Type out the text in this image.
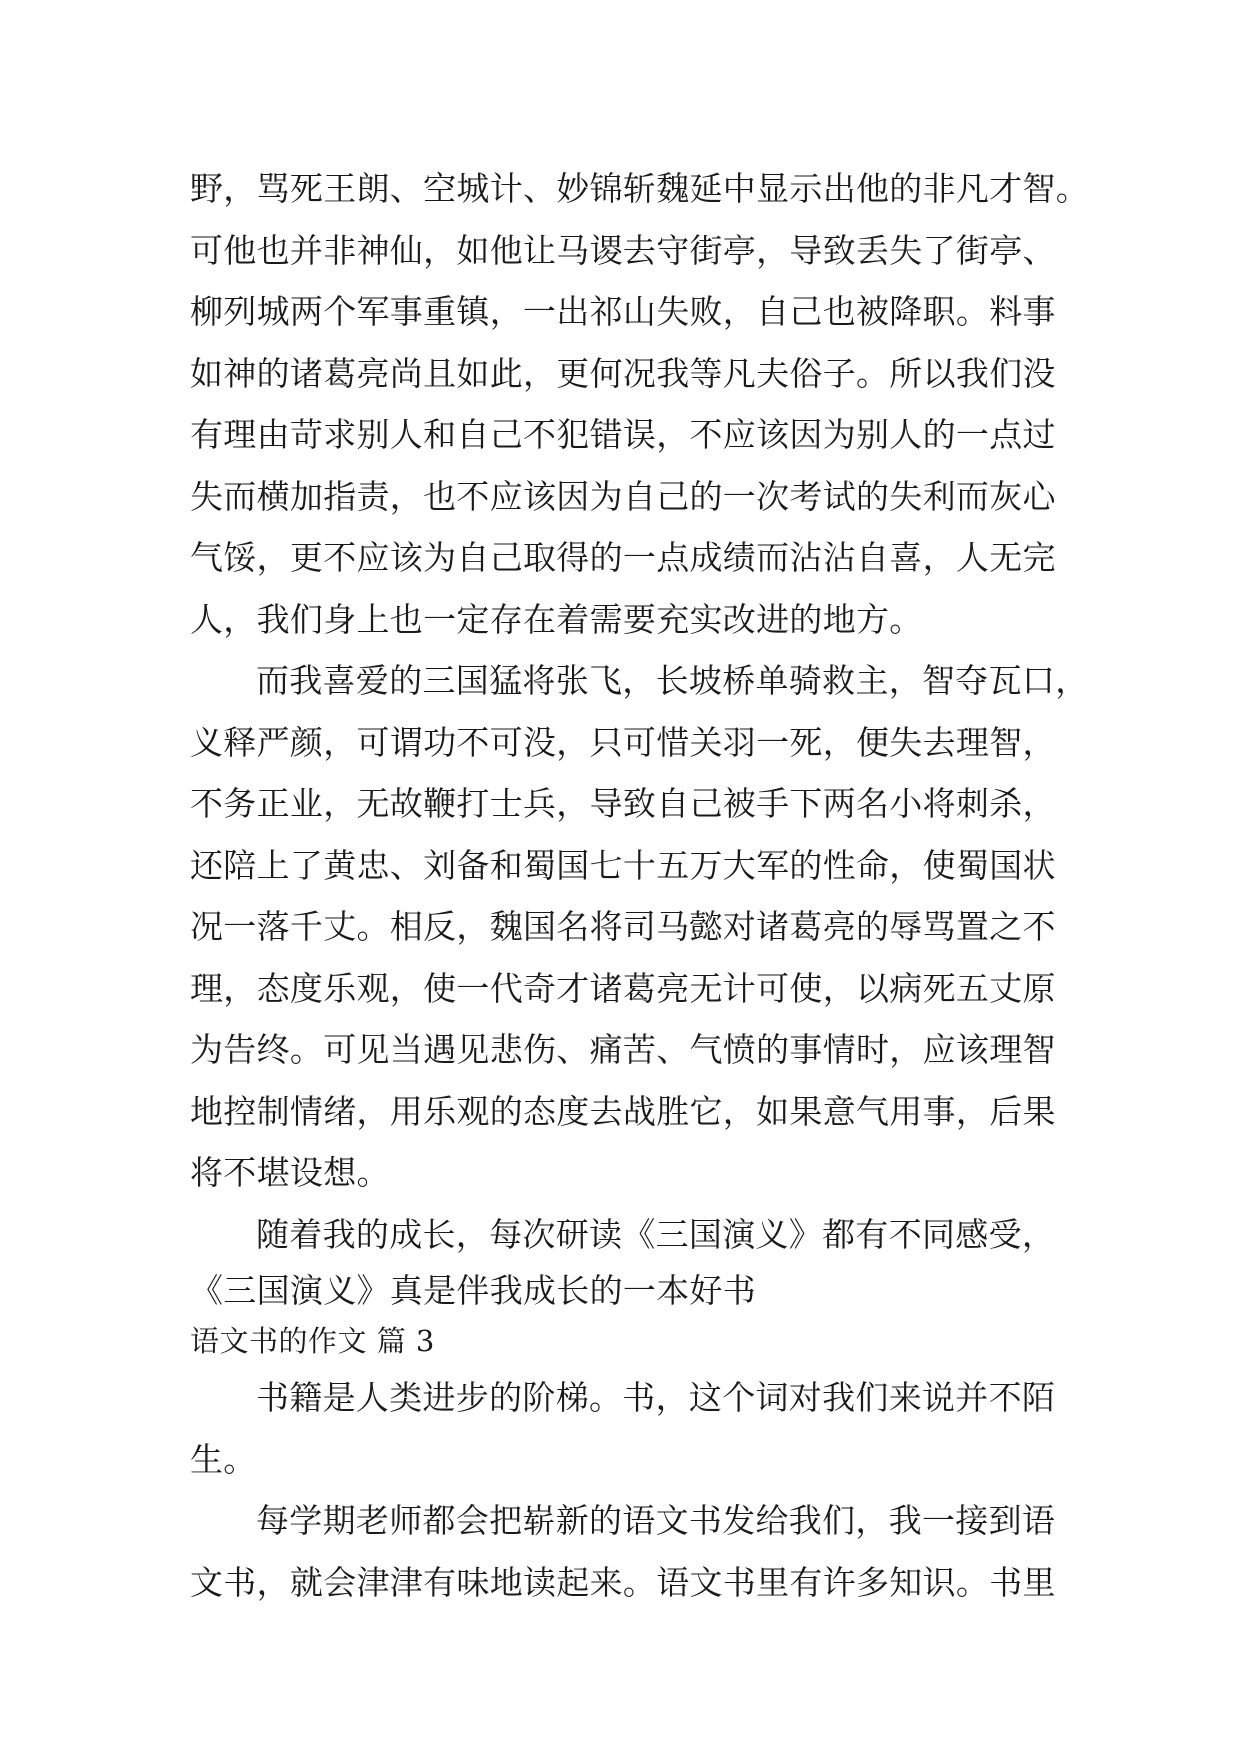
野，骂死王朗、空城计、妙锦斩魏延中显示出他的非凡才智。
可他也并非神仙，如他让马谡去守街亭，导致丢失了街亭、
柳列城两个军事重镇，一出祁山失败，自己也被降职。料事
如神的诸葛亮尚且如此，更何况我等凡夫俗子。所以我们没
有理由苛求别人和自己不犯错误，不应该因为别人的一点过
失而横加指责，也不应该因为自己的一次考试的失利而灰心
气馁，更不应该为自己取得的一点成绩而沾沾自喜，人无完
人，我们身上也一定存在着需要充实改进的地方。
而我喜爱的三国猛将张飞，长坡桥单骑救主，智夺瓦口，
义释严颜，可谓功不可没，只可惜关羽一死，便失去理智，
不务正业，无故鞭打士兵，导致自己被手下两名小将刺杀，
还陪上了黄忠、刘备和蜀国七十五万大军的性命，使蜀国状
况一落千丈。相反，魏国名将司马懿对诸葛亮的辱骂置之不
理，态度乐观，使一代奇才诸葛亮无计可使，以病死五丈原
为告终。可见当遇见悲伤、痛苦、气愤的事情时，应该理智
地控制情绪，用乐观的态度去战胜它，如果意气用事，后果
将不堪设想。
随着我的成长，每次研读《三国演义》都有不同感受，
《三国演义》真是伴我成长的一本好书
语文书的作文 篇 3
书籍是人类进步的阶梯。书，这个词对我们来说并不陌
生。
每学期老师都会把崭新的语文书发给我们，我一接到语
文书，就会津津有味地读起来。语文书里有许多知识。书里
